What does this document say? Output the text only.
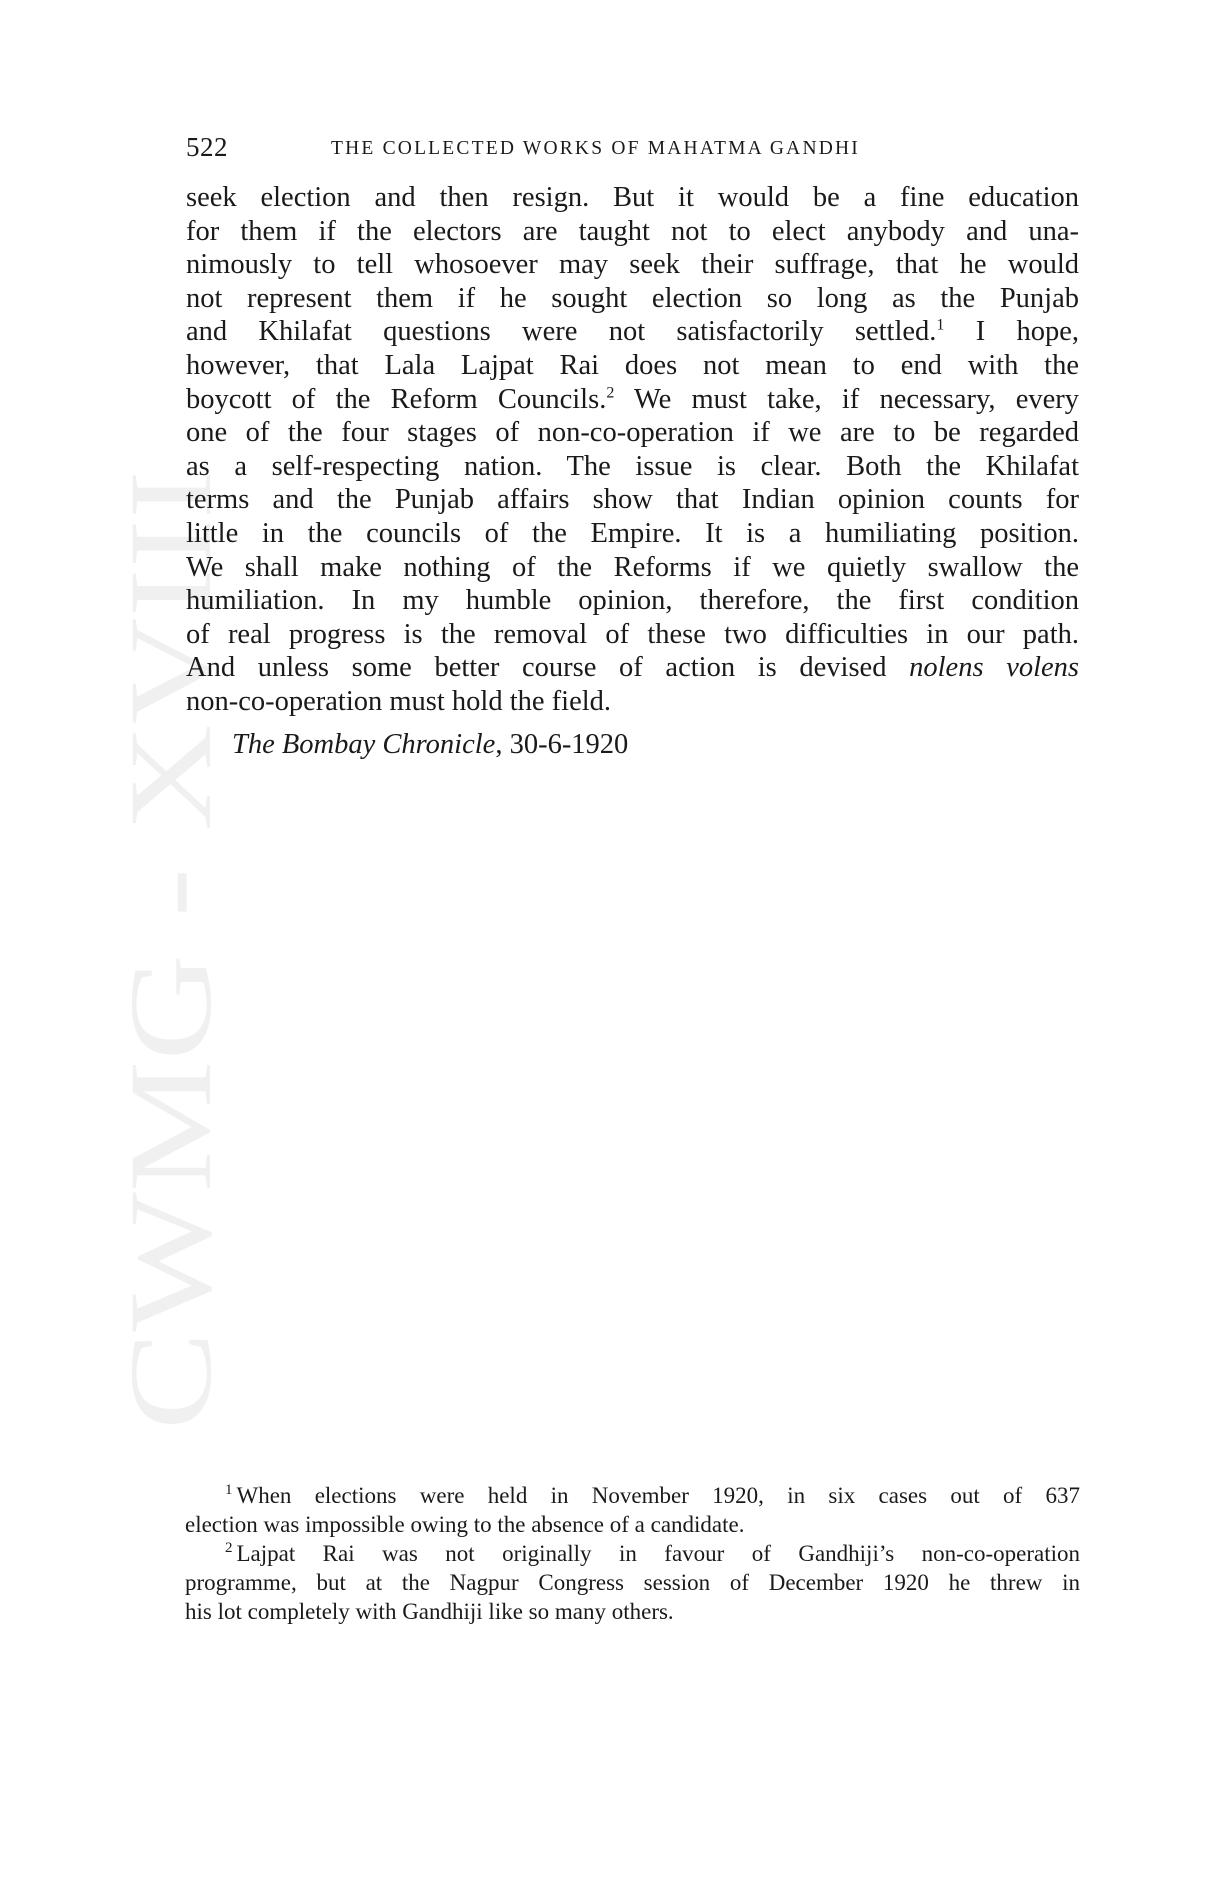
CWMG - XVIII
522	THE COLLECTED WORKS OF MAHATMA GANDHI

seek election and then resign. But it would be a fine education
for them if the electors are taught not to elect anybody and una-
nimously to tell whosoever may seek their suffrage, that he would
not represent them if he sought election so long as the Punjab
and Khilafat questions were not satisfactorily settled.$^1$ I hope,
however, that Lala Lajpat Rai does not mean to end with the
boycott of the Reform Councils.$^2$ We must take, if necessary, every
one of the four stages of non-co-operation if we are to be regarded
as a self-respecting nation. The issue is clear. Both the Khilafat
terms and the Punjab affairs show that Indian opinion counts for
little in the councils of the Empire. It is a humiliating position.
We shall make nothing of the Reforms if we quietly swallow the
humiliation. In my humble opinion, therefore, the first condition
of real progress is the removal of these two difficulties in our path.
And unless some better course of action is devised nolens volens
non-co-operation must hold the field.

The Bombay Chronicle, 30-6-1920
$^1$ When elections were held in November 1920, in six cases out of 637
election was impossible owing to the absence of a candidate.
$^2$ Lajpat Rai was not originally in favour of Gandhiji’s non-co-operation
programme, but at the Nagpur Congress session of December 1920 he threw in
his lot completely with Gandhiji like so many others.
